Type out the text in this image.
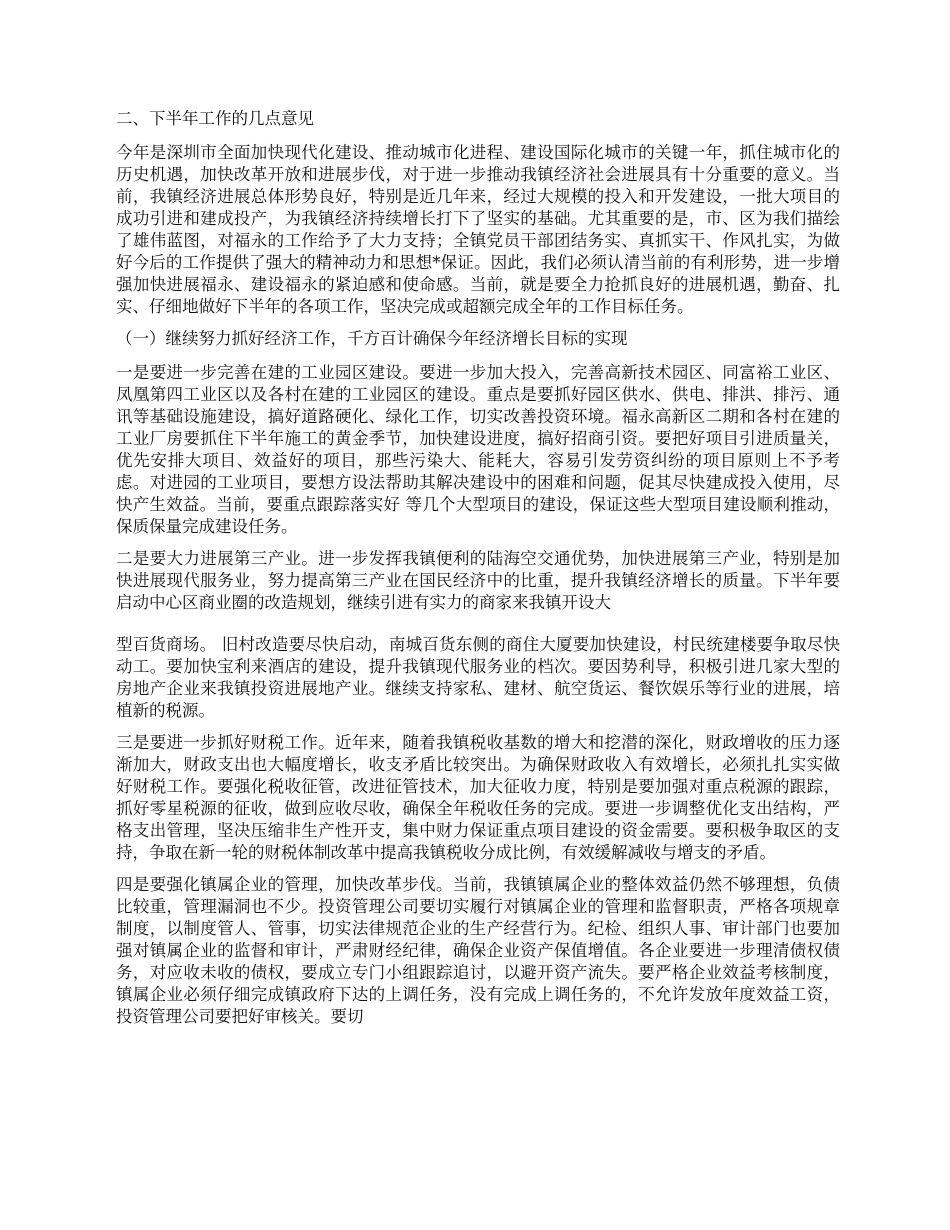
二、下半年工作的几点意见

今年是深圳市全面加快现代化建设、推动城市化进程、建设国际化城市的关键一年，抓住城市化的历史机遇，加快改革开放和进展步伐，对于进一步推动我镇经济社会进展具有十分重要的意义。当前，我镇经济进展总体形势良好，特别是近几年来，经过大规模的投入和开发建设，一批大项目的成功引进和建成投产，为我镇经济持续增长打下了坚实的基础。尤其重要的是，市、区为我们描绘了雄伟蓝图，对福永的工作给予了大力支持；全镇党员干部团结务实、真抓实干、作风扎实，为做好今后的工作提供了强大的精神动力和思想*保证。因此，我们必须认清当前的有利形势，进一步增强加快进展福永、建设福永的紧迫感和使命感。当前，就是要全力抢抓良好的进展机遇，勤奋、扎实、仔细地做好下半年的各项工作，坚决完成或超额完成全年的工作目标任务。

（一）继续努力抓好经济工作，千方百计确保今年经济增长目标的实现

一是要进一步完善在建的工业园区建设。要进一步加大投入，完善高新技术园区、同富裕工业区、凤凰第四工业区以及各村在建的工业园区的建设。重点是要抓好园区供水、供电、排洪、排污、通讯等基础设施建设，搞好道路硬化、绿化工作，切实改善投资环境。福永高新区二期和各村在建的工业厂房要抓住下半年施工的黄金季节，加快建设进度，搞好招商引资。要把好项目引进质量关，优先安排大项目、效益好的项目，那些污染大、能耗大，容易引发劳资纠纷的项目原则上不予考虑。对进园的工业项目，要想方设法帮助其解决建设中的困难和问题，促其尽快建成投入使用，尽快产生效益。当前，要重点跟踪落实好 等几个大型项目的建设，保证这些大型项目建设顺利推动，保质保量完成建设任务。

二是要大力进展第三产业。进一步发挥我镇便利的陆海空交通优势，加快进展第三产业，特别是加快进展现代服务业，努力提高第三产业在国民经济中的比重，提升我镇经济增长的质量。下半年要启动中心区商业圈的改造规划，继续引进有实力的商家来我镇开设大

型百货商场。 旧村改造要尽快启动，南城百货东侧的商住大厦要加快建设，村民统建楼要争取尽快动工。要加快宝利来酒店的建设，提升我镇现代服务业的档次。要因势利导，积极引进几家大型的房地产企业来我镇投资进展地产业。继续支持家私、建材、航空货运、餐饮娱乐等行业的进展，培植新的税源。

三是要进一步抓好财税工作。近年来，随着我镇税收基数的增大和挖潜的深化，财政增收的压力逐渐加大，财政支出也大幅度增长，收支矛盾比较突出。为确保财政收入有效增长，必须扎扎实实做好财税工作。要强化税收征管，改进征管技术，加大征收力度，特别是要加强对重点税源的跟踪，抓好零星税源的征收，做到应收尽收，确保全年税收任务的完成。要进一步调整优化支出结构，严格支出管理，坚决压缩非生产性开支，集中财力保证重点项目建设的资金需要。要积极争取区的支持，争取在新一轮的财税体制改革中提高我镇税收分成比例，有效缓解减收与增支的矛盾。

四是要强化镇属企业的管理，加快改革步伐。当前，我镇镇属企业的整体效益仍然不够理想，负债比较重，管理漏洞也不少。投资管理公司要切实履行对镇属企业的管理和监督职责，严格各项规章制度，以制度管人、管事，切实法律规范企业的生产经营行为。纪检、组织人事、审计部门也要加强对镇属企业的监督和审计，严肃财经纪律，确保企业资产保值增值。各企业要进一步理清债权债务，对应收未收的债权，要成立专门小组跟踪追讨，以避开资产流失。要严格企业效益考核制度，镇属企业必须仔细完成镇政府下达的上调任务，没有完成上调任务的，不允许发放年度效益工资，投资管理公司要把好审核关。要切
